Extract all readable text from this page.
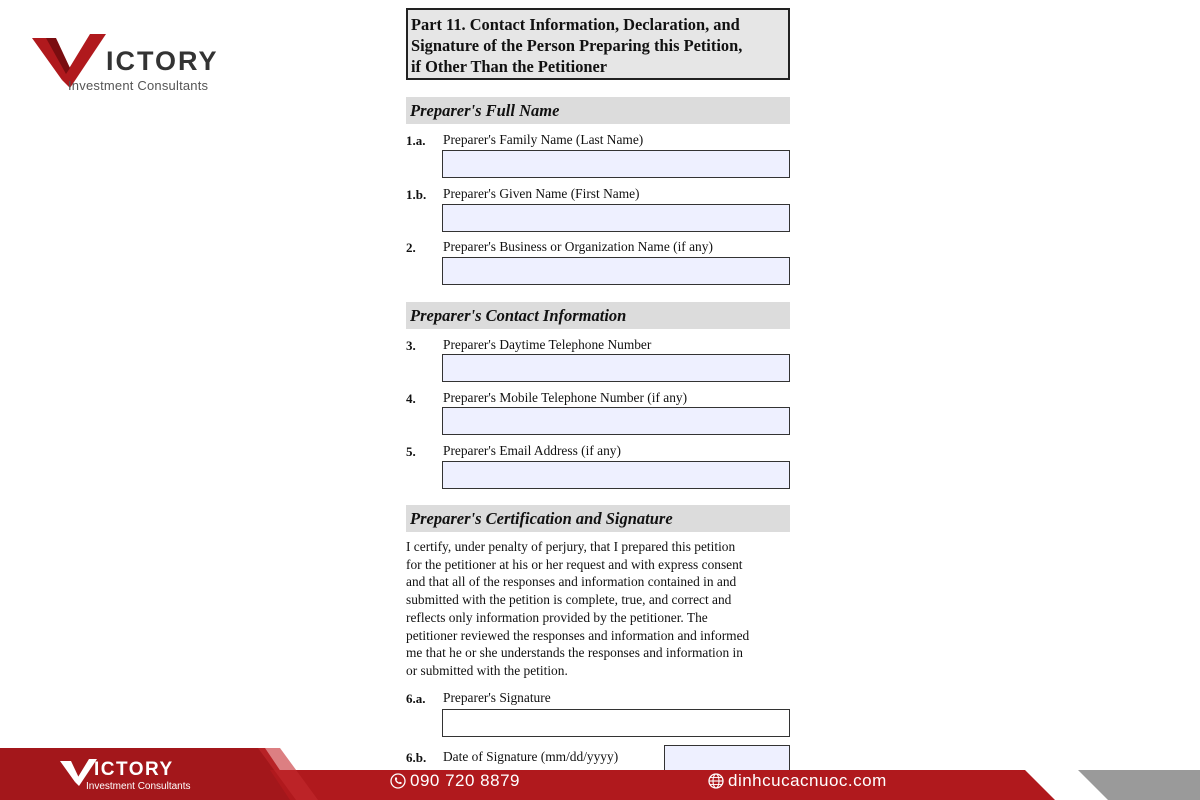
ICTORY
Investment Consultants
Part 11. Contact Information, Declaration, and
Signature of the Person Preparing this Petition,
if Other Than the Petitioner
Preparer's Full Name
1.a. Preparer's Family Name (Last Name)
1.b. Preparer's Given Name (First Name)
2. Preparer's Business or Organization Name (if any)
Preparer's Contact Information
3. Preparer's Daytime Telephone Number
4. Preparer's Mobile Telephone Number (if any)
5. Preparer's Email Address (if any)
Preparer's Certification and Signature
I certify, under penalty of perjury, that I prepared this petition
for the petitioner at his or her request and with express consent
and that all of the responses and information contained in and
submitted with the petition is complete, true, and correct and
reflects only information provided by the petitioner. The
petitioner reviewed the responses and information and informed
me that he or she understands the responses and information in
or submitted with the petition.
6.a. Preparer's Signature
6.b. Date of Signature (mm/dd/yyyy)
ICTORY
Investment Consultants	090 720 8879	dinhcucacnuoc.com
